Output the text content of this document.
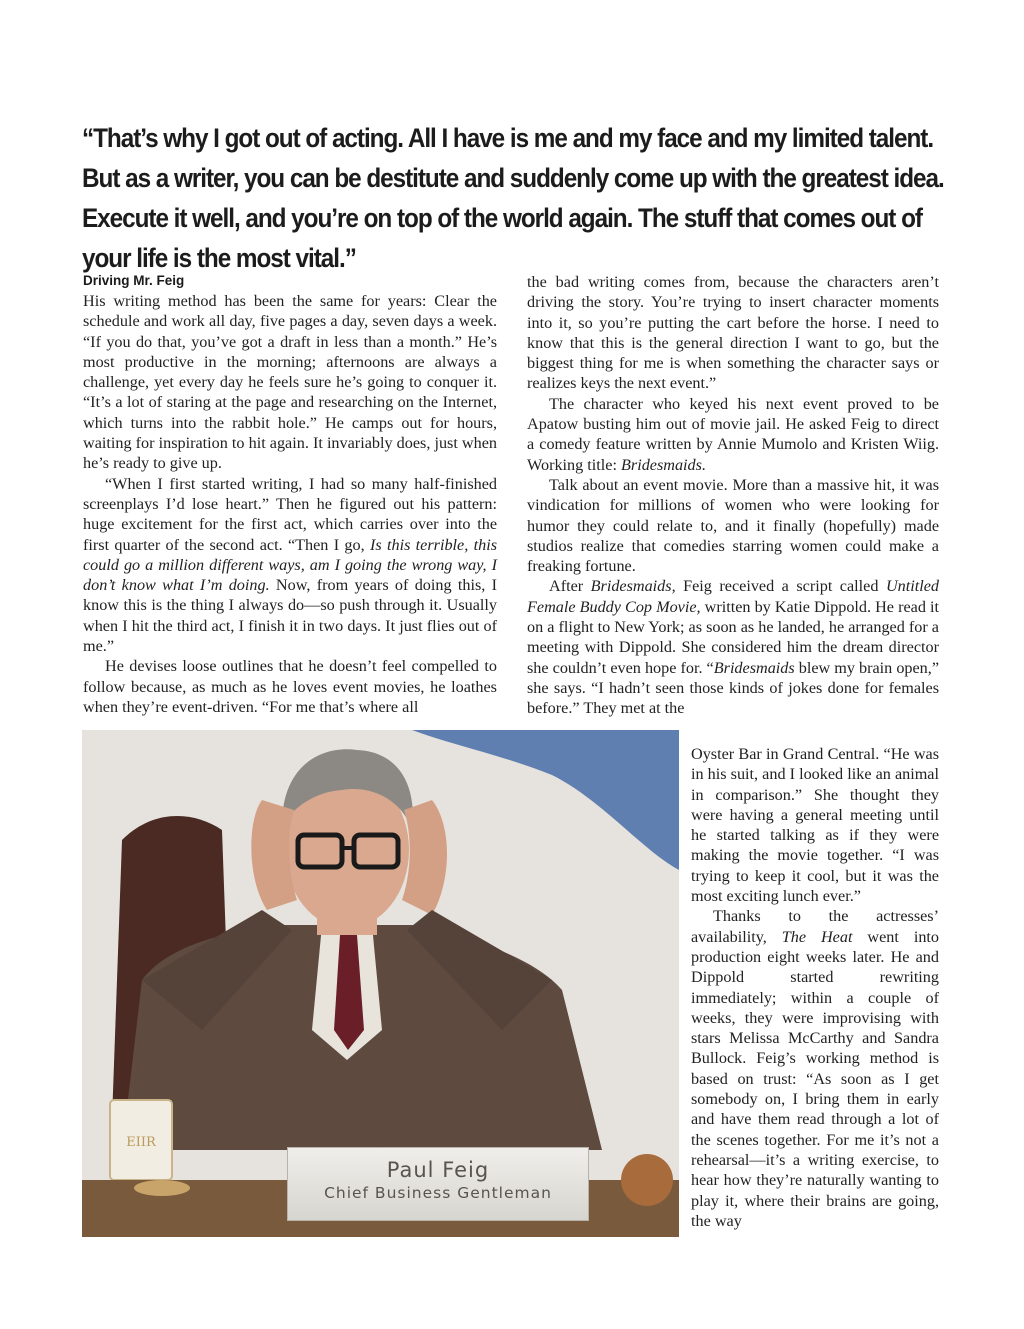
“That’s why I got out of acting. All I have is me and my face and my limited talent. But as a writer, you can be destitute and suddenly come up with the greatest idea. Execute it well, and you’re on top of the world again. The stuff that comes out of your life is the most vital.”
Driving Mr. Feig

His writing method has been the same for years: Clear the schedule and work all day, five pages a day, seven days a week. “If you do that, you’ve got a draft in less than a month.” He’s most productive in the morning; afternoons are always a challenge, yet every day he feels sure he’s going to conquer it. “It’s a lot of staring at the page and researching on the Internet, which turns into the rabbit hole.” He camps out for hours, waiting for inspiration to hit again. It invariably does, just when he’s ready to give up.

“When I first started writing, I had so many half-finished screenplays I’d lose heart.” Then he figured out his pattern: huge excitement for the first act, which carries over into the first quarter of the second act. “Then I go, Is this terrible, this could go a million different ways, am I going the wrong way, I don’t know what I’m doing. Now, from years of doing this, I know this is the thing I always do—so push through it. Usually when I hit the third act, I finish it in two days. It just flies out of me.”

He devises loose outlines that he doesn’t feel compelled to follow because, as much as he loves event movies, he loathes when they’re event-driven. “For me that’s where all

the bad writing comes from, because the characters aren’t driving the story. You’re trying to insert character moments into it, so you’re putting the cart before the horse. I need to know that this is the general direction I want to go, but the biggest thing for me is when something the character says or realizes keys the next event.”

The character who keyed his next event proved to be Apatow busting him out of movie jail. He asked Feig to direct a comedy feature written by Annie Mumolo and Kristen Wiig. Working title: Bridesmaids.

Talk about an event movie. More than a massive hit, it was vindication for millions of women who were looking for humor they could relate to, and it finally (hopefully) made studios realize that comedies starring women could make a freaking fortune.

After Bridesmaids, Feig received a script called Untitled Female Buddy Cop Movie, written by Katie Dippold. He read it on a flight to New York; as soon as he landed, he arranged for a meeting with Dippold. She considered him the dream director she couldn’t even hope for. “Bridesmaids blew my brain open,” she says. “I hadn’t seen those kinds of jokes done for females before.” They met at the

EIIR
Paul Feig
Chief Business Gentleman

Oyster Bar in Grand Central. “He was in his suit, and I looked like an animal in comparison.” She thought they were having a general meeting until he started talking as if they were making the movie together. “I was trying to keep it cool, but it was the most exciting lunch ever.”

Thanks to the actresses’ availability, The Heat went into production eight weeks later. He and Dippold started rewriting immediately; within a couple of weeks, they were improvising with stars Melissa McCarthy and Sandra Bullock. Feig’s working method is based on trust: “As soon as I get somebody on, I bring them in early and have them read through a lot of the scenes together. For me it’s not a rehearsal—it’s a writing exercise, to hear how they’re naturally wanting to play it, where their brains are going, the way
